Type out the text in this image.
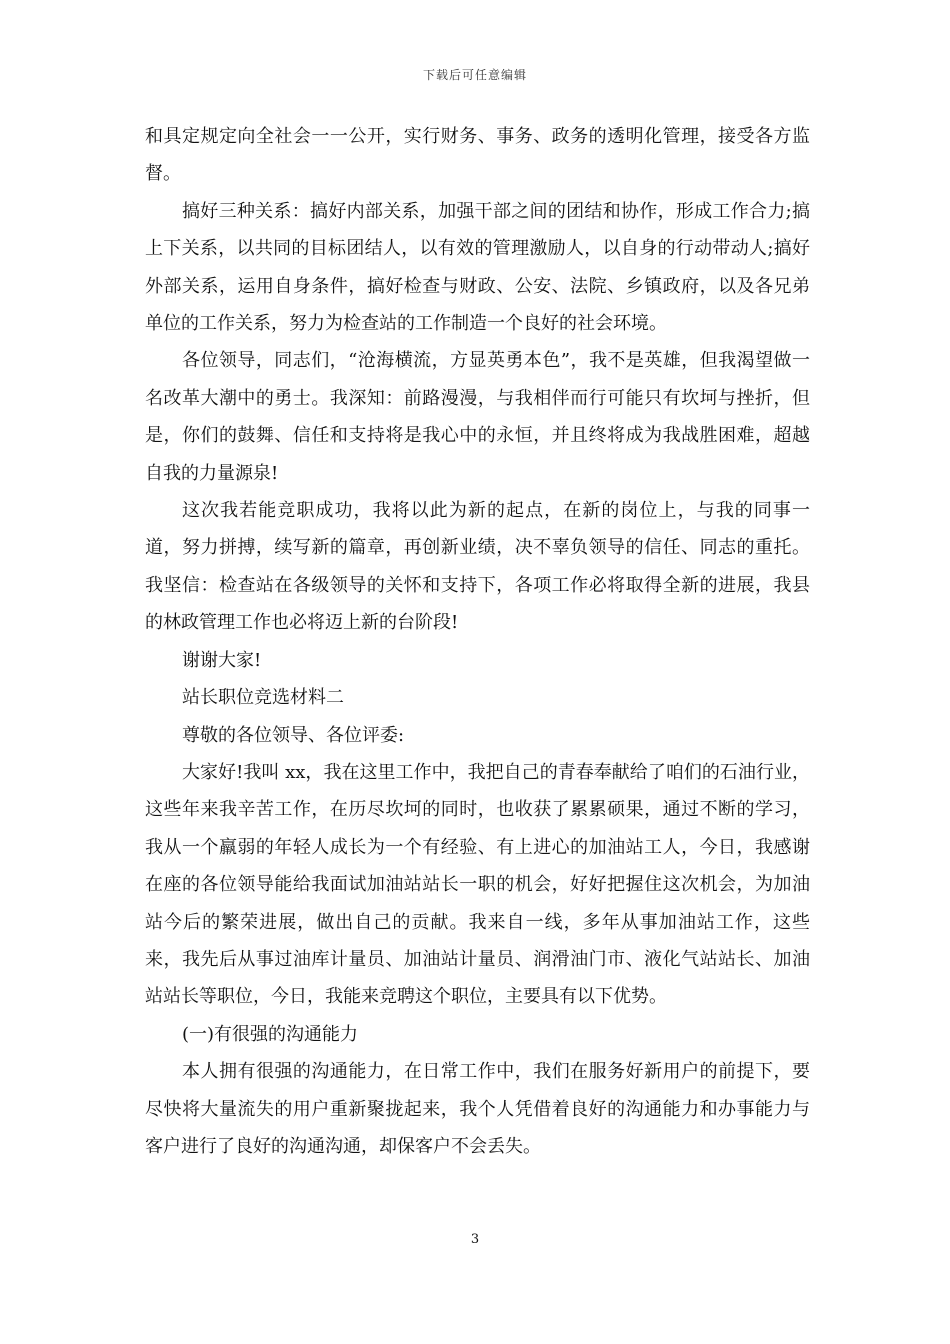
下载后可任意编辑

和具定规定向全社会一一公开，实行财务、事务、政务的透明化管理，接受各方监督。

搞好三种关系：搞好内部关系，加强干部之间的团结和协作，形成工作合力;搞上下关系，以共同的目标团结人，以有效的管理激励人，以自身的行动带动人;搞好外部关系，运用自身条件，搞好检查与财政、公安、法院、乡镇政府，以及各兄弟单位的工作关系，努力为检查站的工作制造一个良好的社会环境。

各位领导，同志们，“沧海横流，方显英勇本色”，我不是英雄，但我渴望做一名改革大潮中的勇士。我深知：前路漫漫，与我相伴而行可能只有坎坷与挫折，但是，你们的鼓舞、信任和支持将是我心中的永恒，并且终将成为我战胜困难，超越自我的力量源泉!

这次我若能竞职成功，我将以此为新的起点，在新的岗位上，与我的同事一道，努力拼搏，续写新的篇章，再创新业绩，决不辜负领导的信任、同志的重托。我坚信：检查站在各级领导的关怀和支持下，各项工作必将取得全新的进展，我县的林政管理工作也必将迈上新的台阶段!

谢谢大家!

站长职位竞选材料二

尊敬的各位领导、各位评委:

大家好!我叫 xx，我在这里工作中，我把自己的青春奉献给了咱们的石油行业，这些年来我辛苦工作，在历尽坎坷的同时，也收获了累累硕果，通过不断的学习，我从一个羸弱的年轻人成长为一个有经验、有上进心的加油站工人，今日，我感谢在座的各位领导能给我面试加油站站长一职的机会，好好把握住这次机会，为加油站今后的繁荣进展，做出自己的贡献。我来自一线，多年从事加油站工作，这些来，我先后从事过油库计量员、加油站计量员、润滑油门市、液化气站站长、加油站站长等职位，今日，我能来竞聘这个职位，主要具有以下优势。

(一)有很强的沟通能力

本人拥有很强的沟通能力，在日常工作中，我们在服务好新用户的前提下，要尽快将大量流失的用户重新聚拢起来，我个人凭借着良好的沟通能力和办事能力与客户进行了良好的沟通沟通，却保客户不会丢失。

3
